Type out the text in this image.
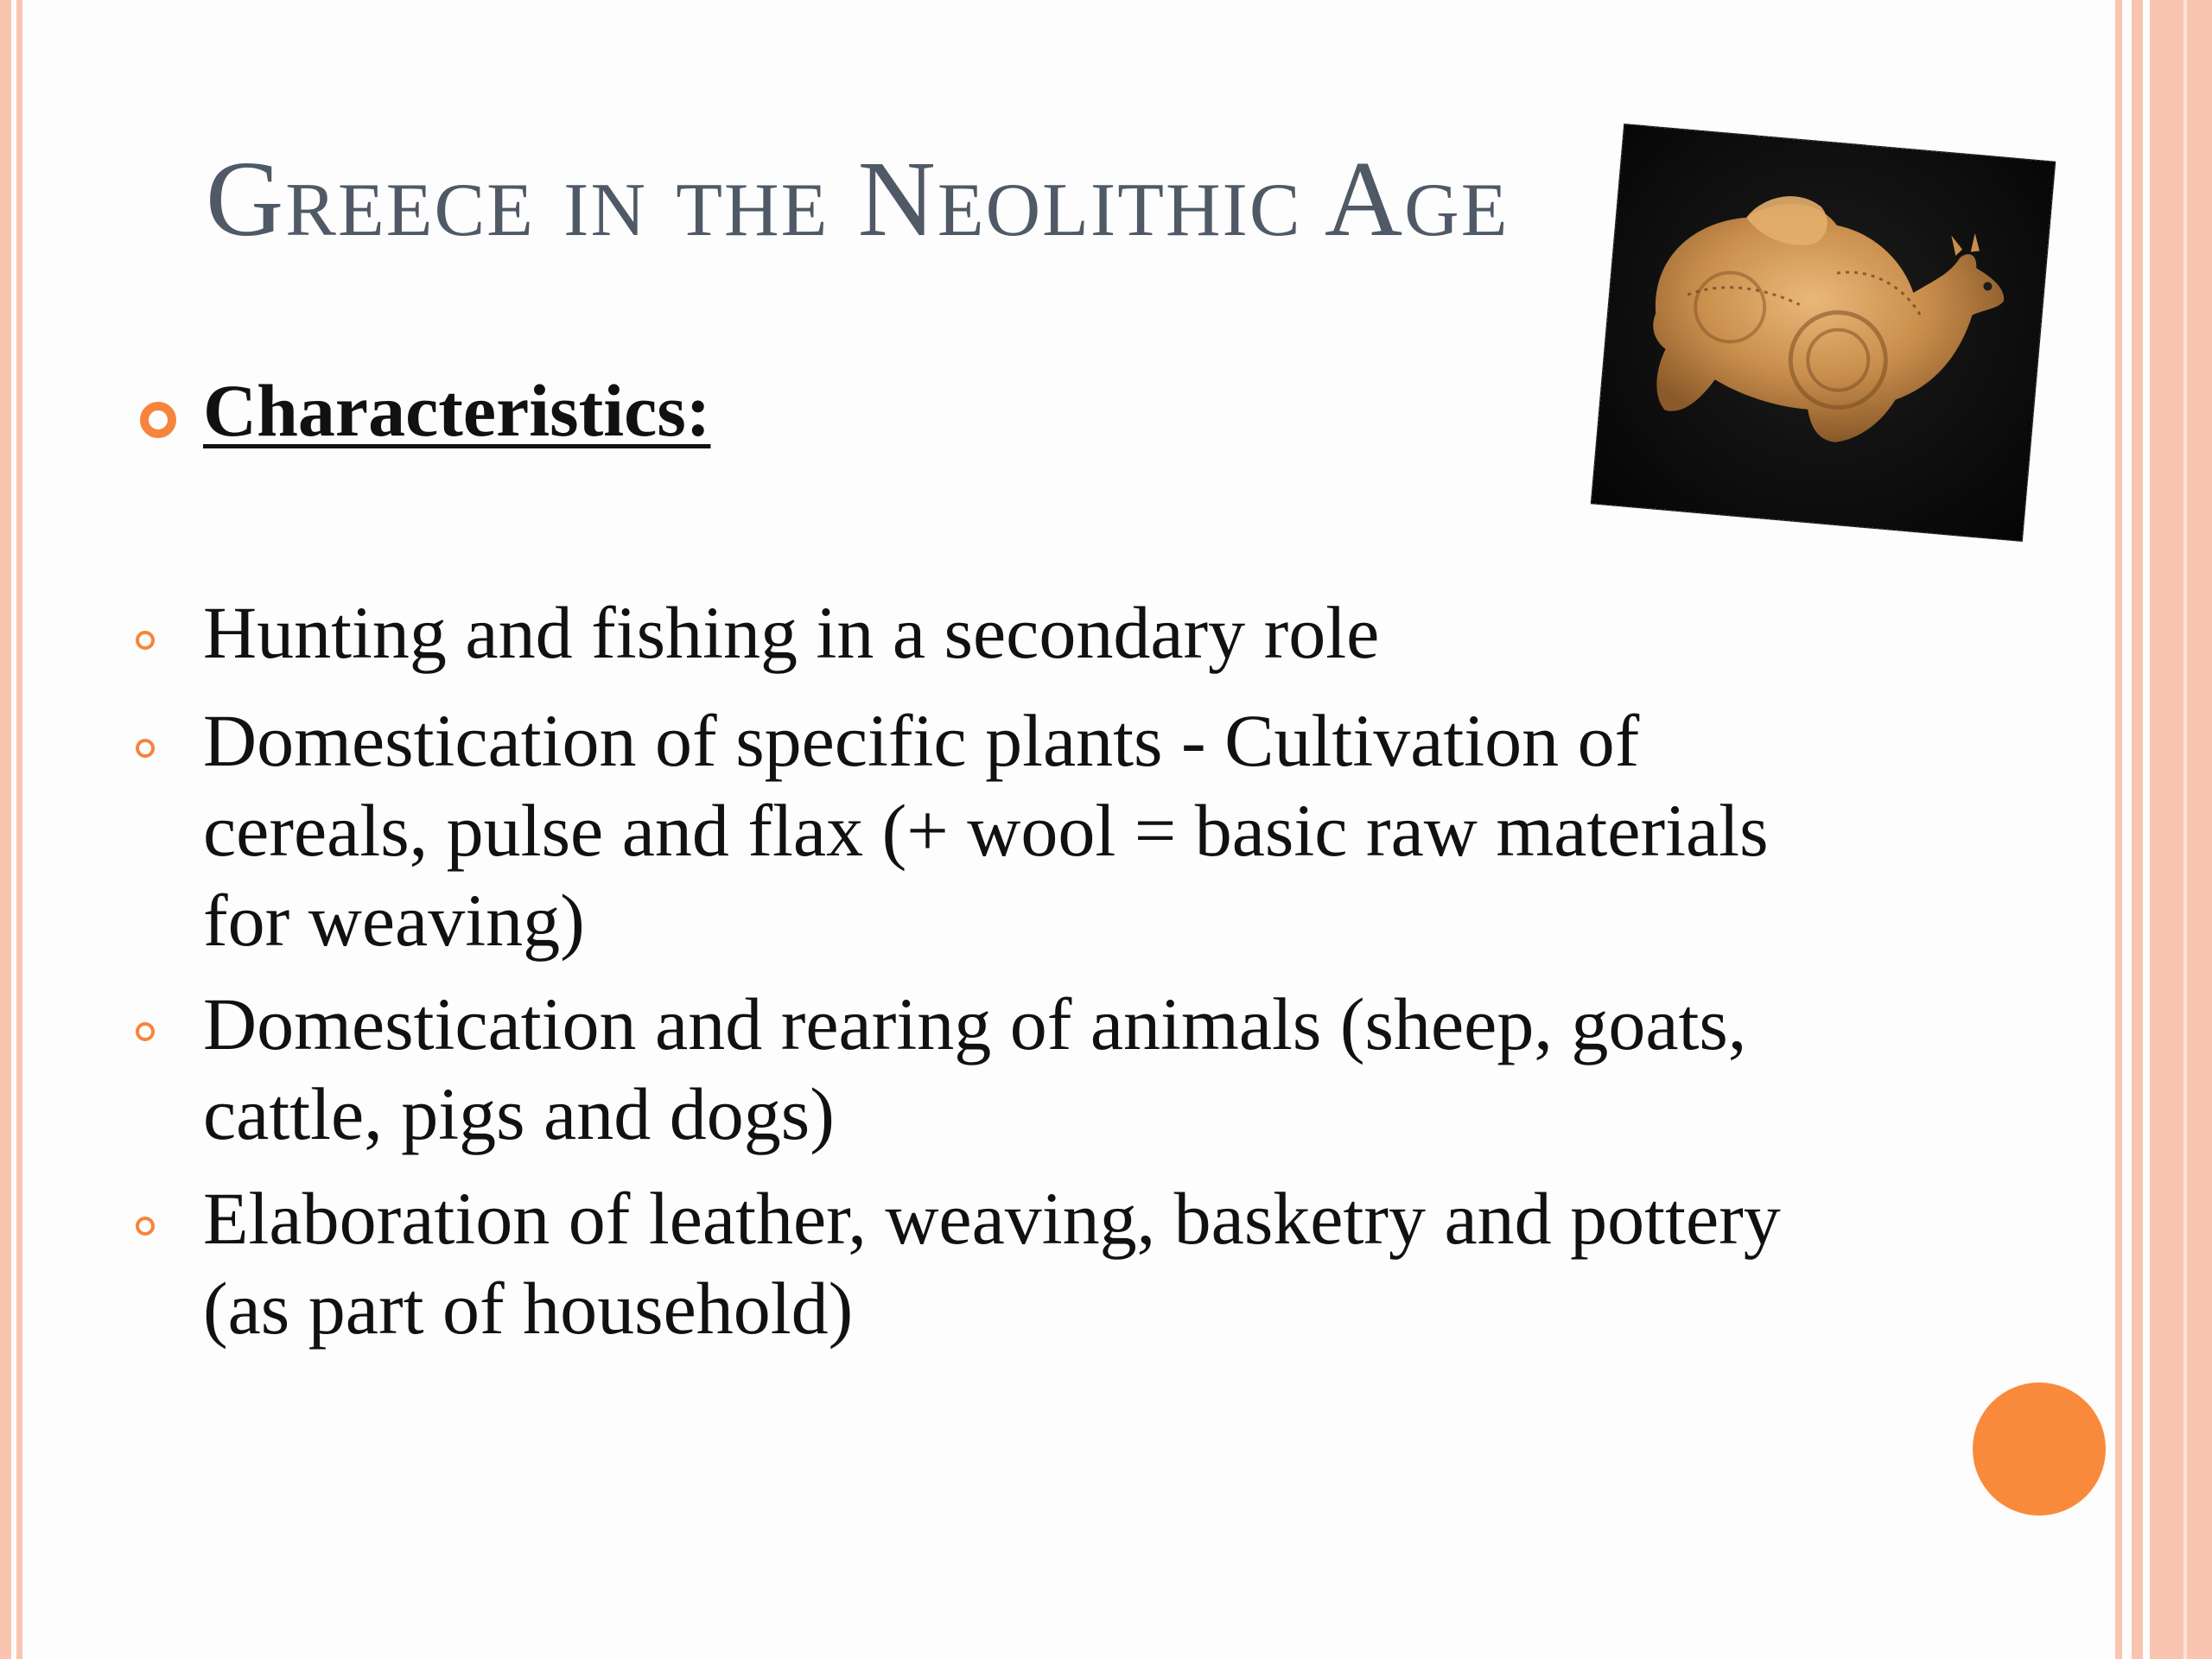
Greece in the Neolithic Age
Characteristics:
Hunting and fishing in a secondary role
Domestication of specific plants - Cultivation of cereals, pulse and flax (+ wool = basic raw materials for weaving)
Domestication and rearing of animals (sheep, goats, cattle, pigs and dogs)
Elaboration of leather, weaving, basketry and pottery (as part of household)
